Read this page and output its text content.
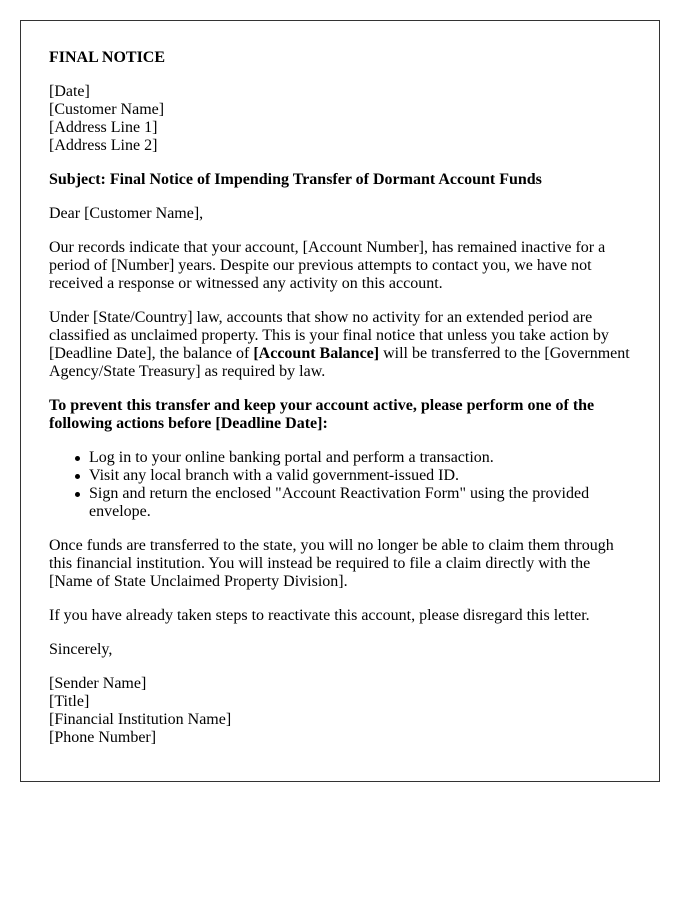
FINAL NOTICE
[Date]
[Customer Name]
[Address Line 1]
[Address Line 2]

Subject: Final Notice of Impending Transfer of Dormant Account Funds

Dear [Customer Name],

Our records indicate that your account, [Account Number], has remained inactive for a period of [Number] years. Despite our previous attempts to contact you, we have not received a response or witnessed any activity on this account.

Under [State/Country] law, accounts that show no activity for an extended period are classified as unclaimed property. This is your final notice that unless you take action by [Deadline Date], the balance of [Account Balance] will be transferred to the [Government Agency/State Treasury] as required by law.

To prevent this transfer and keep your account active, please perform one of the following actions before [Deadline Date]:

Log in to your online banking portal and perform a transaction.
Visit any local branch with a valid government-issued ID.
Sign and return the enclosed "Account Reactivation Form" using the provided envelope.

Once funds are transferred to the state, you will no longer be able to claim them through this financial institution. You will instead be required to file a claim directly with the [Name of State Unclaimed Property Division].

If you have already taken steps to reactivate this account, please disregard this letter.

Sincerely,

[Sender Name]
[Title]
[Financial Institution Name]
[Phone Number]
